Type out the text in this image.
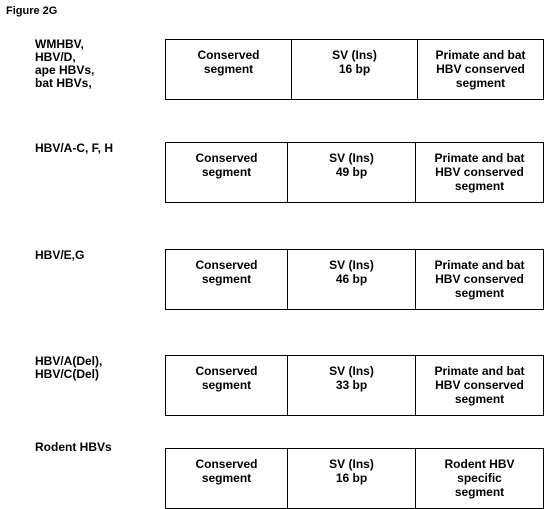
Figure 2G
WMHBV,
HBV/D,
ape HBVs,
bat HBVs,
Conserved
segment
SV (Ins)
16 bp
Primate and bat
HBV conserved
segment
HBV/A-C, F, H
Conserved
segment
SV (Ins)
49 bp
Primate and bat
HBV conserved
segment
HBV/E,G
Conserved
segment
SV (Ins)
46 bp
Primate and bat
HBV conserved
segment
HBV/A(Del),
HBV/C(Del)	Conserved
segment
SV (Ins)
33 bp
Primate and bat
HBV conserved
segment
Rodent HBVs
Conserved
segment
SV (Ins)
16 bp
Rodent HBV
specific
segment
